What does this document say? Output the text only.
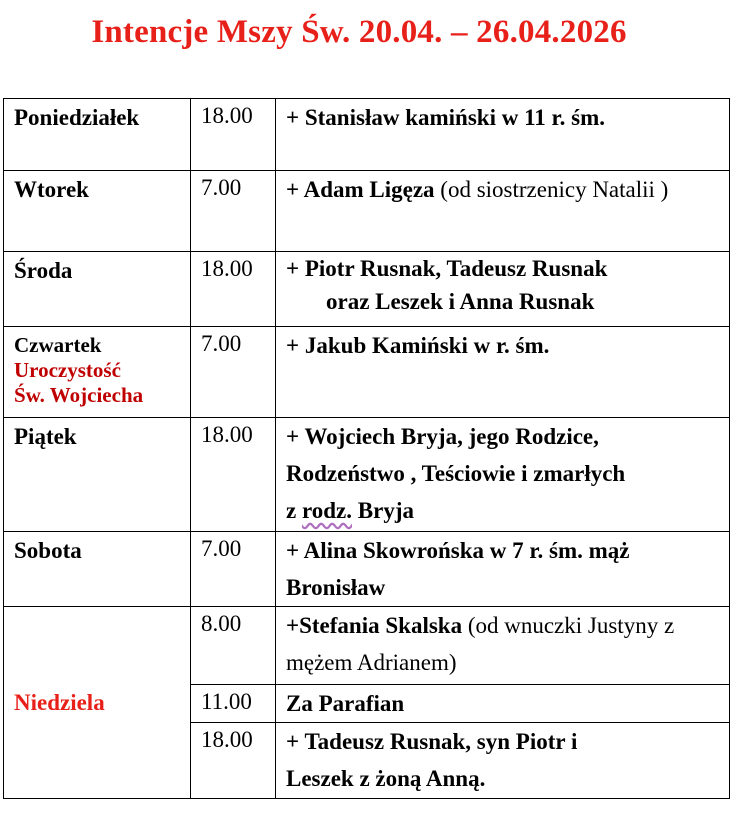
Intencje Mszy Św. 20.04. – 26.04.2026
Poniedziałek	18.00	+ Stanisław kamiński w 11 r. śm.

Wtorek	7.00	+ Adam Ligęza (od siostrzenicy Natalii )

Środa	18.00	+ Piotr Rusnak, Tadeusz Rusnak
oraz Leszek i Anna Rusnak

Czwartek
Uroczystość
Św. Wojciecha	7.00	+ Jakub Kamiński w r. śm.

Piątek	18.00	+ Wojciech Bryja, jego Rodzice,
Rodzeństwo , Teściowie i zmarłych
z rodz. Bryja

Sobota	7.00	+ Alina Skowrońska w 7 r. śm. mąż
Bronisław

Niedziela	8.00	+Stefania Skalska (od wnuczki Justyny z mężem Adrianem)

	11.00	Za Parafian

	18.00	+ Tadeusz Rusnak, syn Piotr i
Leszek z żoną Anną.
